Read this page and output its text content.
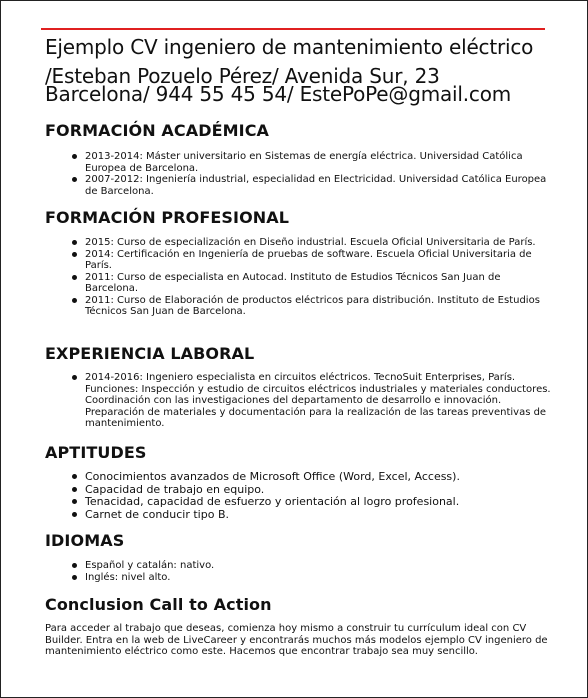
Ejemplo CV ingeniero de mantenimiento eléctrico
/Esteban Pozuelo Pérez/ Avenida Sur, 23
Barcelona/ 944 55 45 54/ EstePoPe@gmail.com
FORMACIÓN ACADÉMICA
2013-2014: Máster universitario en Sistemas de energía eléctrica. Universidad Católica Europea de Barcelona.
2007-2012: Ingeniería industrial, especialidad en Electricidad. Universidad Católica Europea de Barcelona.
FORMACIÓN PROFESIONAL
2015: Curso de especialización en Diseño industrial. Escuela Oficial Universitaria de París.
2014: Certificación en Ingeniería de pruebas de software. Escuela Oficial Universitaria de París.
2011: Curso de especialista en Autocad. Instituto de Estudios Técnicos San Juan de Barcelona.
2011: Curso de Elaboración de productos eléctricos para distribución. Instituto de Estudios Técnicos San Juan de Barcelona.
EXPERIENCIA LABORAL
2014-2016: Ingeniero especialista en circuitos eléctricos. TecnoSuit Enterprises, París. Funciones: Inspección y estudio de circuitos eléctricos industriales y materiales conductores. Coordinación con las investigaciones del departamento de desarrollo e innovación. Preparación de materiales y documentación para la realización de las tareas preventivas de mantenimiento.
APTITUDES
Conocimientos avanzados de Microsoft Office (Word, Excel, Access).
Capacidad de trabajo en equipo.
Tenacidad, capacidad de esfuerzo y orientación al logro profesional.
Carnet de conducir tipo B.
IDIOMAS
Español y catalán: nativo.
Inglés: nivel alto.
Conclusion Call to Action
Para acceder al trabajo que deseas, comienza hoy mismo a construir tu currículum ideal con CV Builder. Entra en la web de LiveCareer y encontrarás muchos más modelos ejemplo CV ingeniero de mantenimiento eléctrico como este. Hacemos que encontrar trabajo sea muy sencillo.
